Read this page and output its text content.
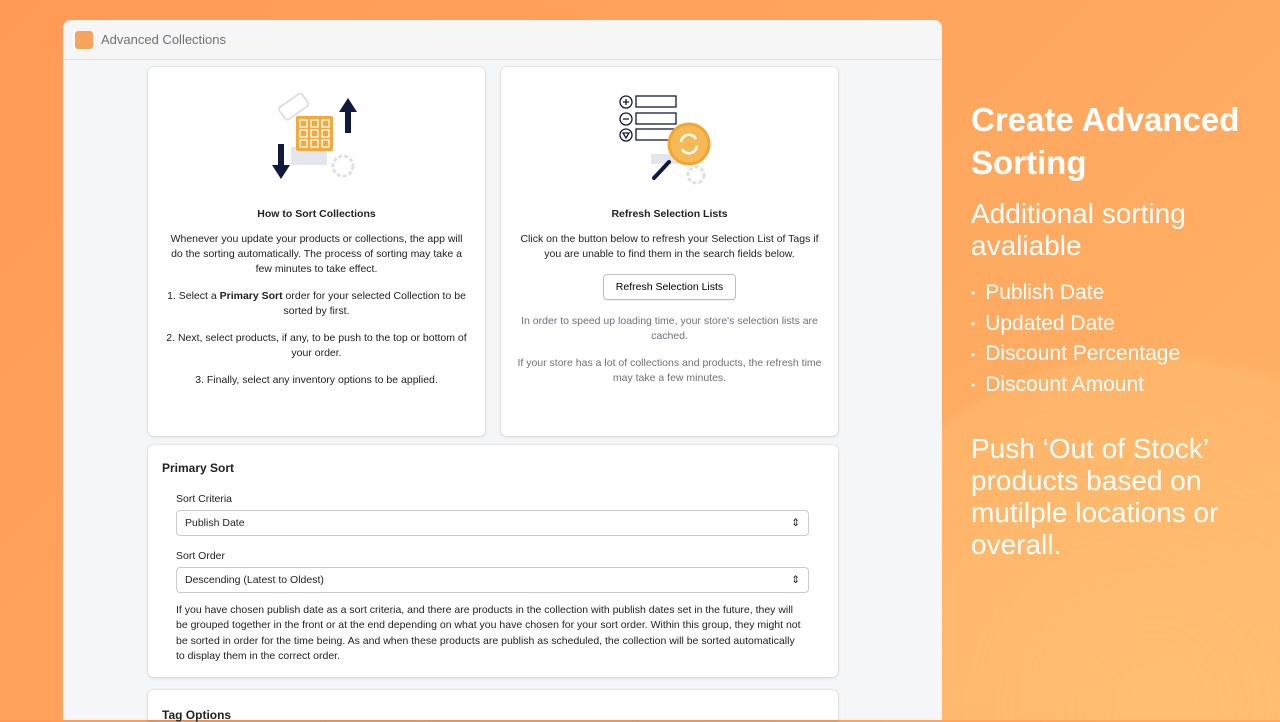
Advanced Collections
How to Sort Collections

Whenever you update your products or collections, the app will do the sorting automatically. The process of sorting may take a few minutes to take effect.

1. Select a Primary Sort order for your selected Collection to be sorted by first.

2. Next, select products, if any, to be push to the top or bottom of your order.

3. Finally, select any inventory options to be applied.

Refresh Selection Lists
Click on the button below to refresh your Selection List of Tags if you are unable to find them in the search fields below.
Refresh Selection Lists

In order to speed up loading time, your store's selection lists are cached.

If your store has a lot of collections and products, the refresh time may take a few minutes.

Primary Sort
Sort Criteria
Publish Date	⇕
Sort Order
Descending (Latest to Oldest)	⇕
If you have chosen publish date as a sort criteria, and there are products in the collection with publish dates set in the future, they will be grouped together in the front or at the end depending on what you have chosen for your sort order. Within this group, they might not be sorted in order for the time being. As and when these products are publish as scheduled, the collection will be sorted automatically to display them in the correct order.
Tag Options
Create Advanced Sorting
Additional sorting avaliable
• Publish Date
• Updated Date
• Discount Percentage
• Discount Amount
Push ‘Out of Stock’ products based on mutilple locations or overall.
